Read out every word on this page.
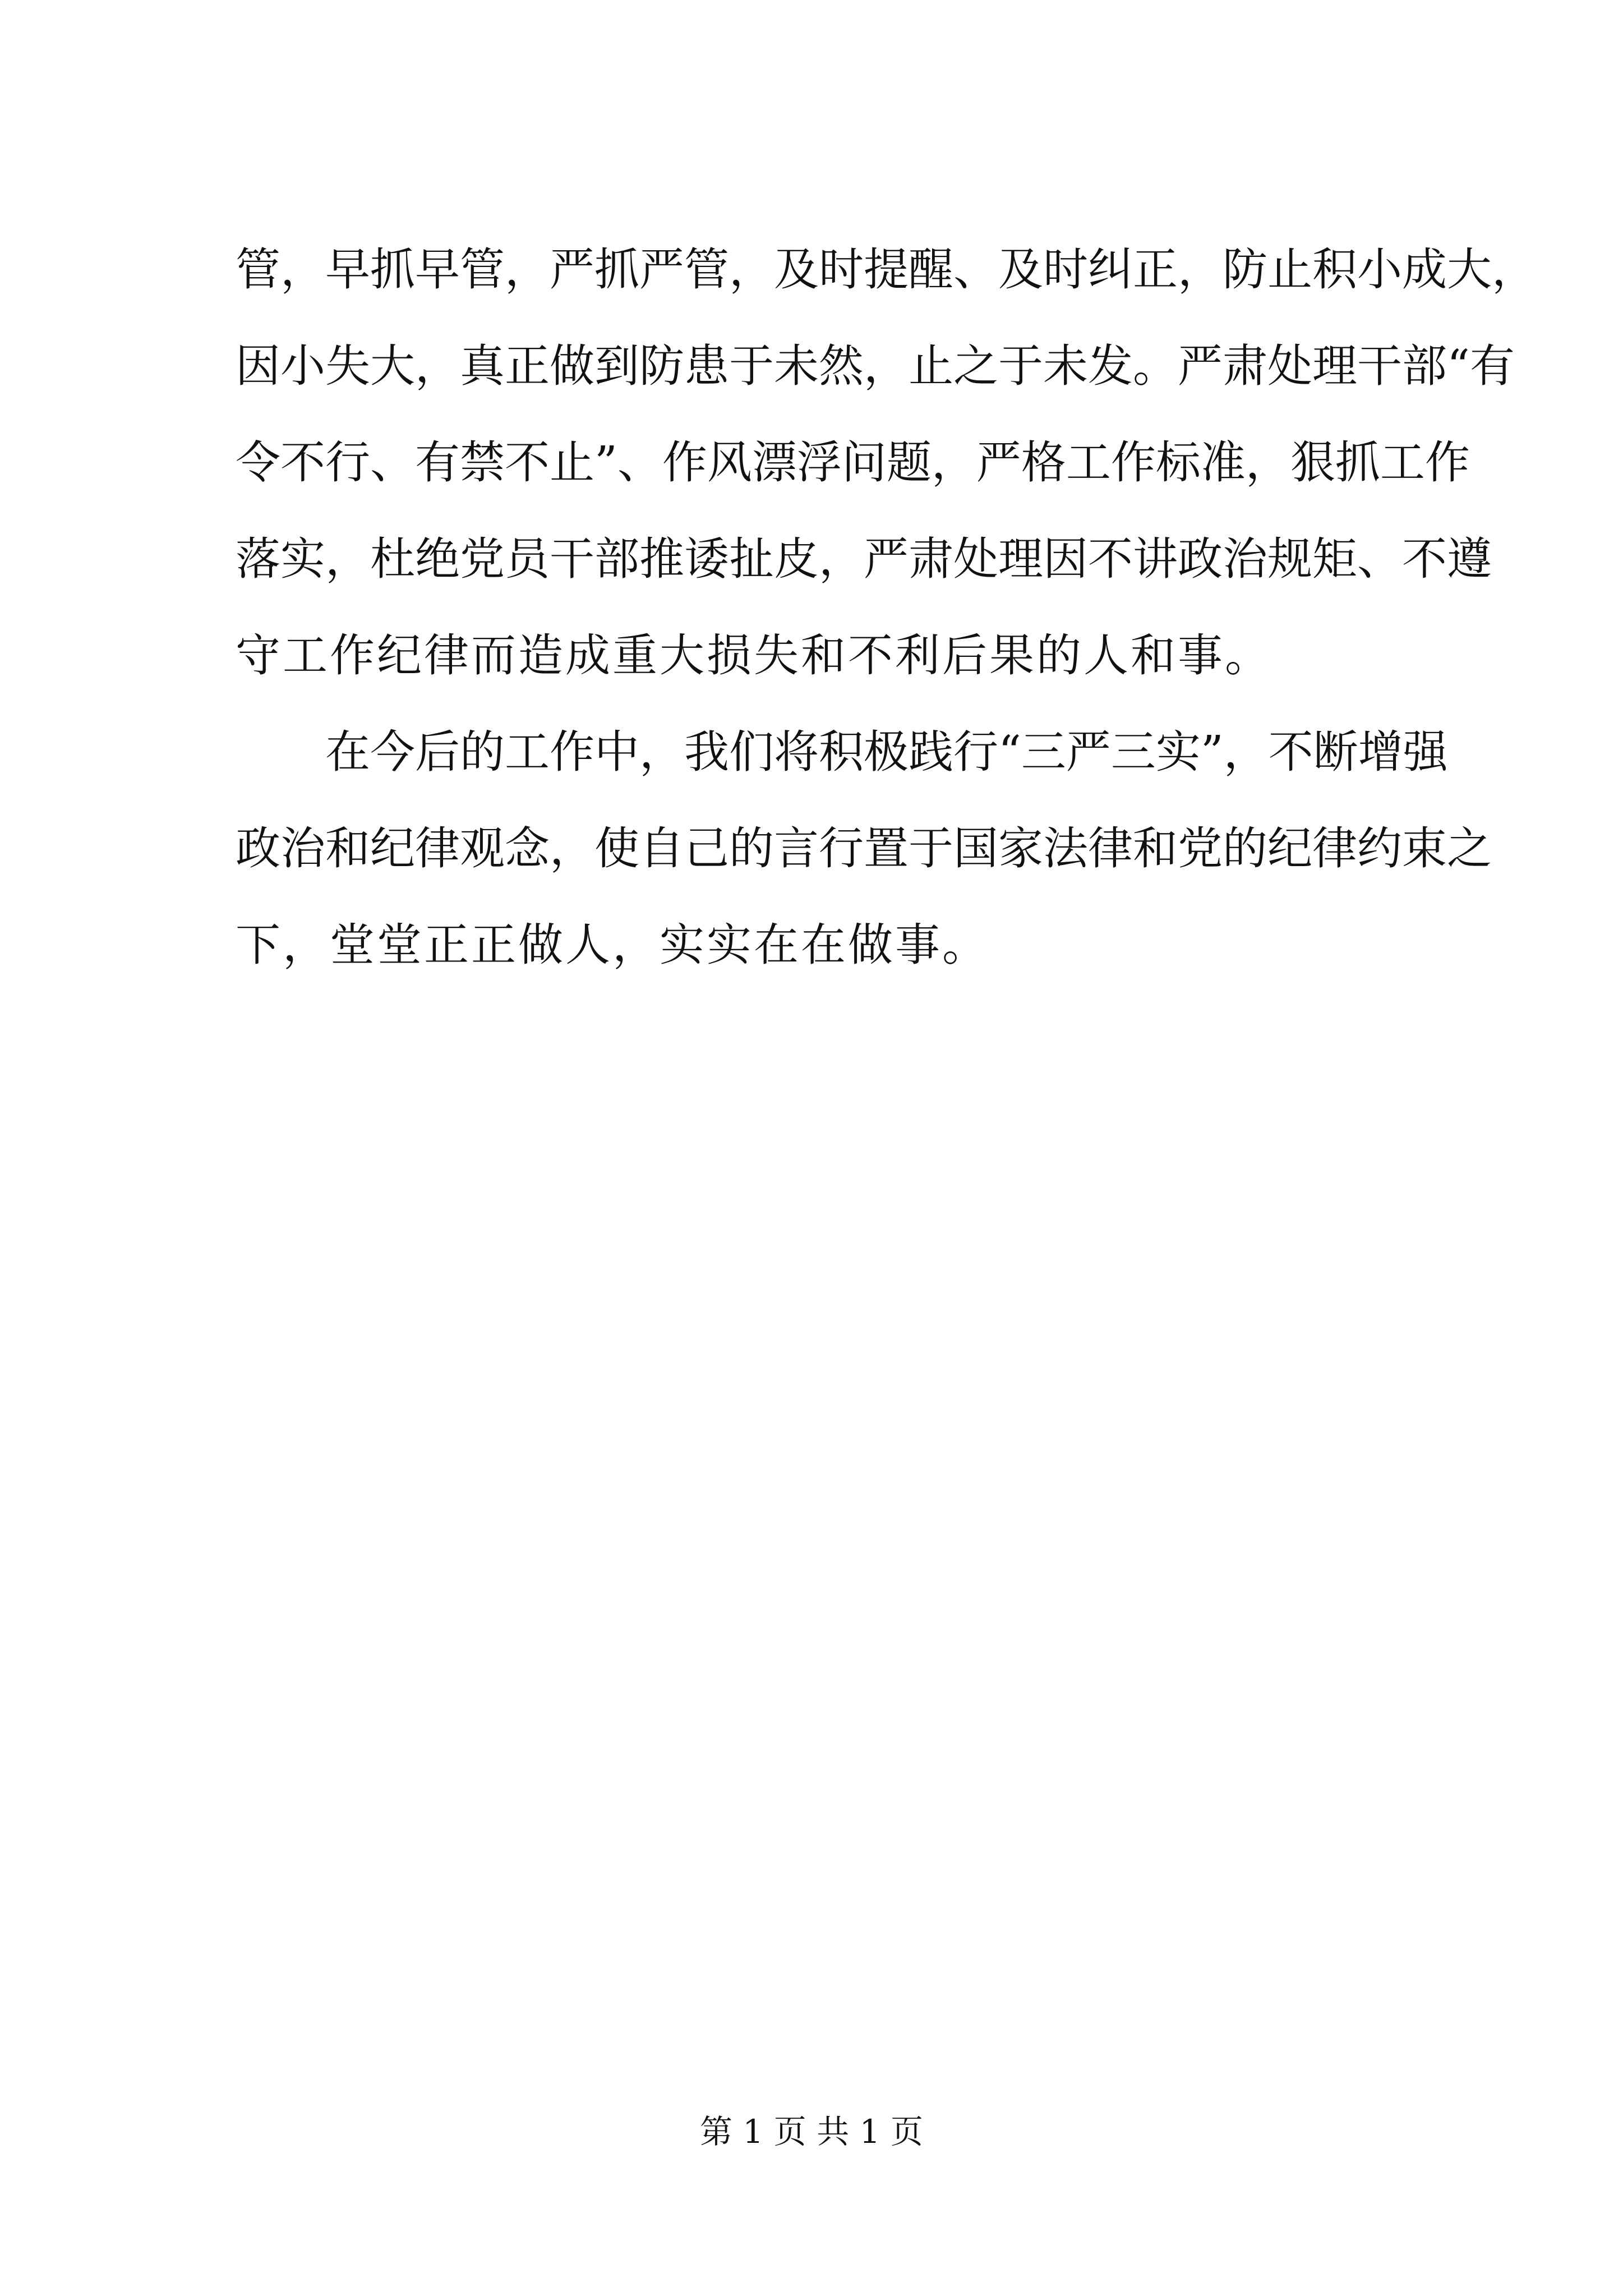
管，早抓早管，严抓严管，及时提醒、及时纠正，防止积小成大，
因小失大，真正做到防患于未然，止之于未发。严肃处理干部“有
令不行、有禁不止”、作风漂浮问题，严格工作标准，狠抓工作
落实，杜绝党员干部推诿扯皮，严肃处理因不讲政治规矩、不遵
守工作纪律而造成重大损失和不利后果的人和事。
在今后的工作中，我们将积极践行“三严三实”，不断增强
政治和纪律观念，使自己的言行置于国家法律和党的纪律约束之
下，堂堂正正做人，实实在在做事。
第 1 页 共 1 页
